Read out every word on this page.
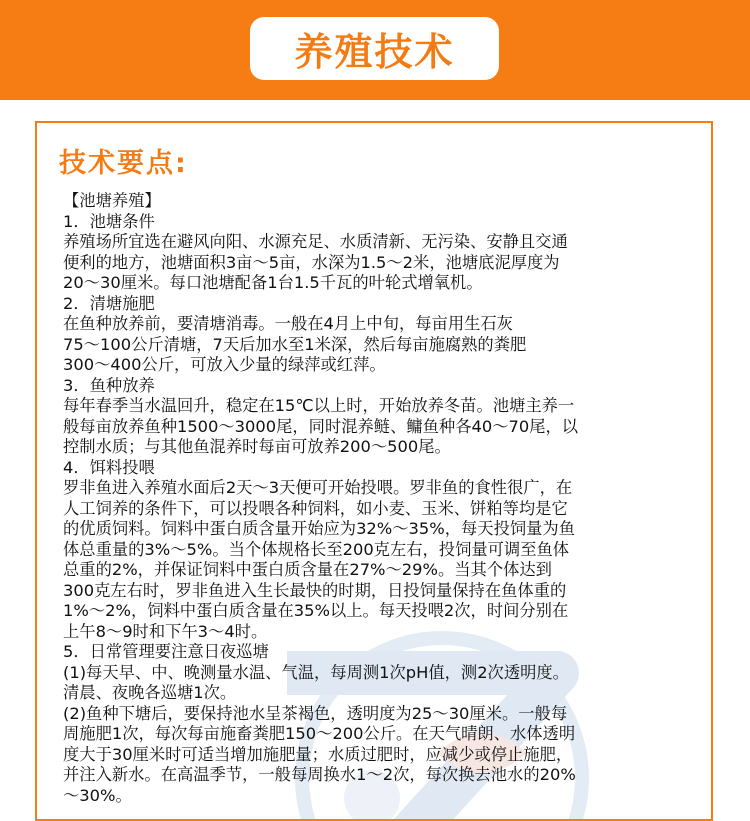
养殖技术
技术要点:

【池塘养殖】

1．池塘条件

养殖场所宜选在避风向阳、水源充足、水质清新、无污染、安静且交通

便利的地方，池塘面积3亩～5亩，水深为1.5～2米，池塘底泥厚度为

20～30厘米。每口池塘配备1台1.5千瓦的叶轮式增氧机。

2．清塘施肥

在鱼种放养前，要清塘消毒。一般在4月上中旬，每亩用生石灰

75～100公斤清塘，7天后加水至1米深，然后每亩施腐熟的粪肥

300～400公斤，可放入少量的绿萍或红萍。

3．鱼种放养

每年春季当水温回升，稳定在15℃以上时，开始放养冬苗。池塘主养一

般每亩放养鱼种1500～3000尾，同时混养鲢、鳙鱼种各40～70尾，以

控制水质；与其他鱼混养时每亩可放养200～500尾。

4．饵料投喂

罗非鱼进入养殖水面后2天～3天便可开始投喂。罗非鱼的食性很广，在

人工饲养的条件下，可以投喂各种饲料，如小麦、玉米、饼粕等均是它

的优质饲料。饲料中蛋白质含量开始应为32%～35%，每天投饲量为鱼

体总重量的3%～5%。当个体规格长至200克左右，投饲量可调至鱼体

总重的2%，并保证饲料中蛋白质含量在27%～29%。当其个体达到

300克左右时，罗非鱼进入生长最快的时期，日投饲量保持在鱼体重的

1%～2%，饲料中蛋白质含量在35%以上。每天投喂2次，时间分别在

上午8～9时和下午3～4时。

5．日常管理要注意日夜巡塘

(1)每天早、中、晚测量水温、气温，每周测1次pH值，测2次透明度。

清晨、夜晚各巡塘1次。

(2)鱼种下塘后，要保持池水呈茶褐色，透明度为25～30厘米。一般每

周施肥1次，每次每亩施畜粪肥150～200公斤。在天气晴朗、水体透明

度大于30厘米时可适当增加施肥量；水质过肥时，应减少或停止施肥，

并注入新水。在高温季节，一般每周换水1～2次，每次换去池水的20%

～30%。
